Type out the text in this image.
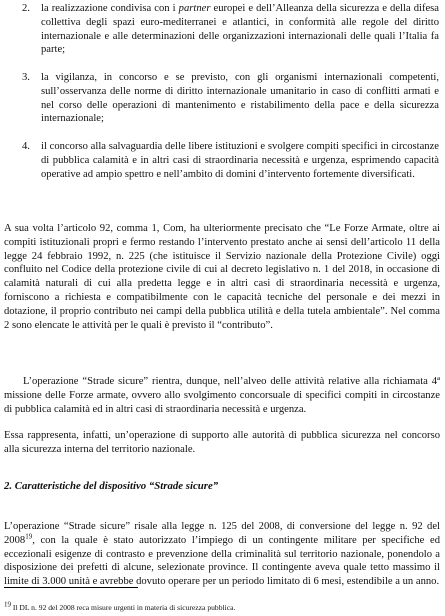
2. la realizzazione condivisa con i partner europei e dell’Alleanza della sicurezza e della difesa collettiva degli spazi euro-mediterranei e atlantici, in conformità alle regole del diritto internazionale e alle determinazioni delle organizzazioni internazionali delle quali l’Italia fa parte;

3. la vigilanza, in concorso e se previsto, con gli organismi internazionali competenti, sull’osservanza delle norme di diritto internazionale umanitario in caso di conflitti armati e nel corso delle operazioni di mantenimento e ristabilimento della pace e della sicurezza internazionale;

4. il concorso alla salvaguardia delle libere istituzioni e svolgere compiti specifici in circostanze di pubblica calamità e in altri casi di straordinaria necessità e urgenza, esprimendo capacità operative ad ampio spettro e nell’ambito di domini d’intervento fortemente diversificati.

A sua volta l’articolo 92, comma 1, Com, ha ulteriormente precisato che “Le Forze Armate, oltre ai compiti istituzionali propri e fermo restando l’intervento prestato anche ai sensi dell’articolo 11 della legge 24 febbraio 1992, n. 225 (che istituisce il Servizio nazionale della Protezione Civile) oggi confluito nel Codice della protezione civile di cui al decreto legislativo n. 1 del 2018, in occasione di calamità naturali di cui alla predetta legge e in altri casi di straordinaria necessità e urgenza, forniscono a richiesta e compatibilmente con le capacità tecniche del personale e dei mezzi in dotazione, il proprio contributo nei campi della pubblica utilità e della tutela ambientale”. Nel comma 2 sono elencate le attività per le quali è previsto il “contributo”.

L’operazione “Strade sicure” rientra, dunque, nell’alveo delle attività relative alla richiamata 4ª missione delle Forze armate, ovvero allo svolgimento concorsuale di specifici compiti in circostanze di pubblica calamità ed in altri casi di straordinaria necessità e urgenza.

Essa rappresenta, infatti, un’operazione di supporto alle autorità di pubblica sicurezza nel concorso alla sicurezza interna del territorio nazionale.

2. Caratteristiche del dispositivo “Strade sicure”

L’operazione “Strade sicure” risale alla legge n. 125 del 2008, di conversione del legge n. 92 del 2008$^{19}$, con la quale è stato autorizzato l’impiego di un contingente militare per specifiche ed eccezionali esigenze di contrasto e prevenzione della criminalità sul territorio nazionale, ponendolo a disposizione dei prefetti di alcune, selezionate province. Il contingente aveva quale tetto massimo il limite di 3.000 unità e avrebbe dovuto operare per un periodo limitato di 6 mesi, estendibile a un anno.

$^{19}$ Il DL n. 92 del 2008 reca misure urgenti in materia di sicurezza pubblica.
